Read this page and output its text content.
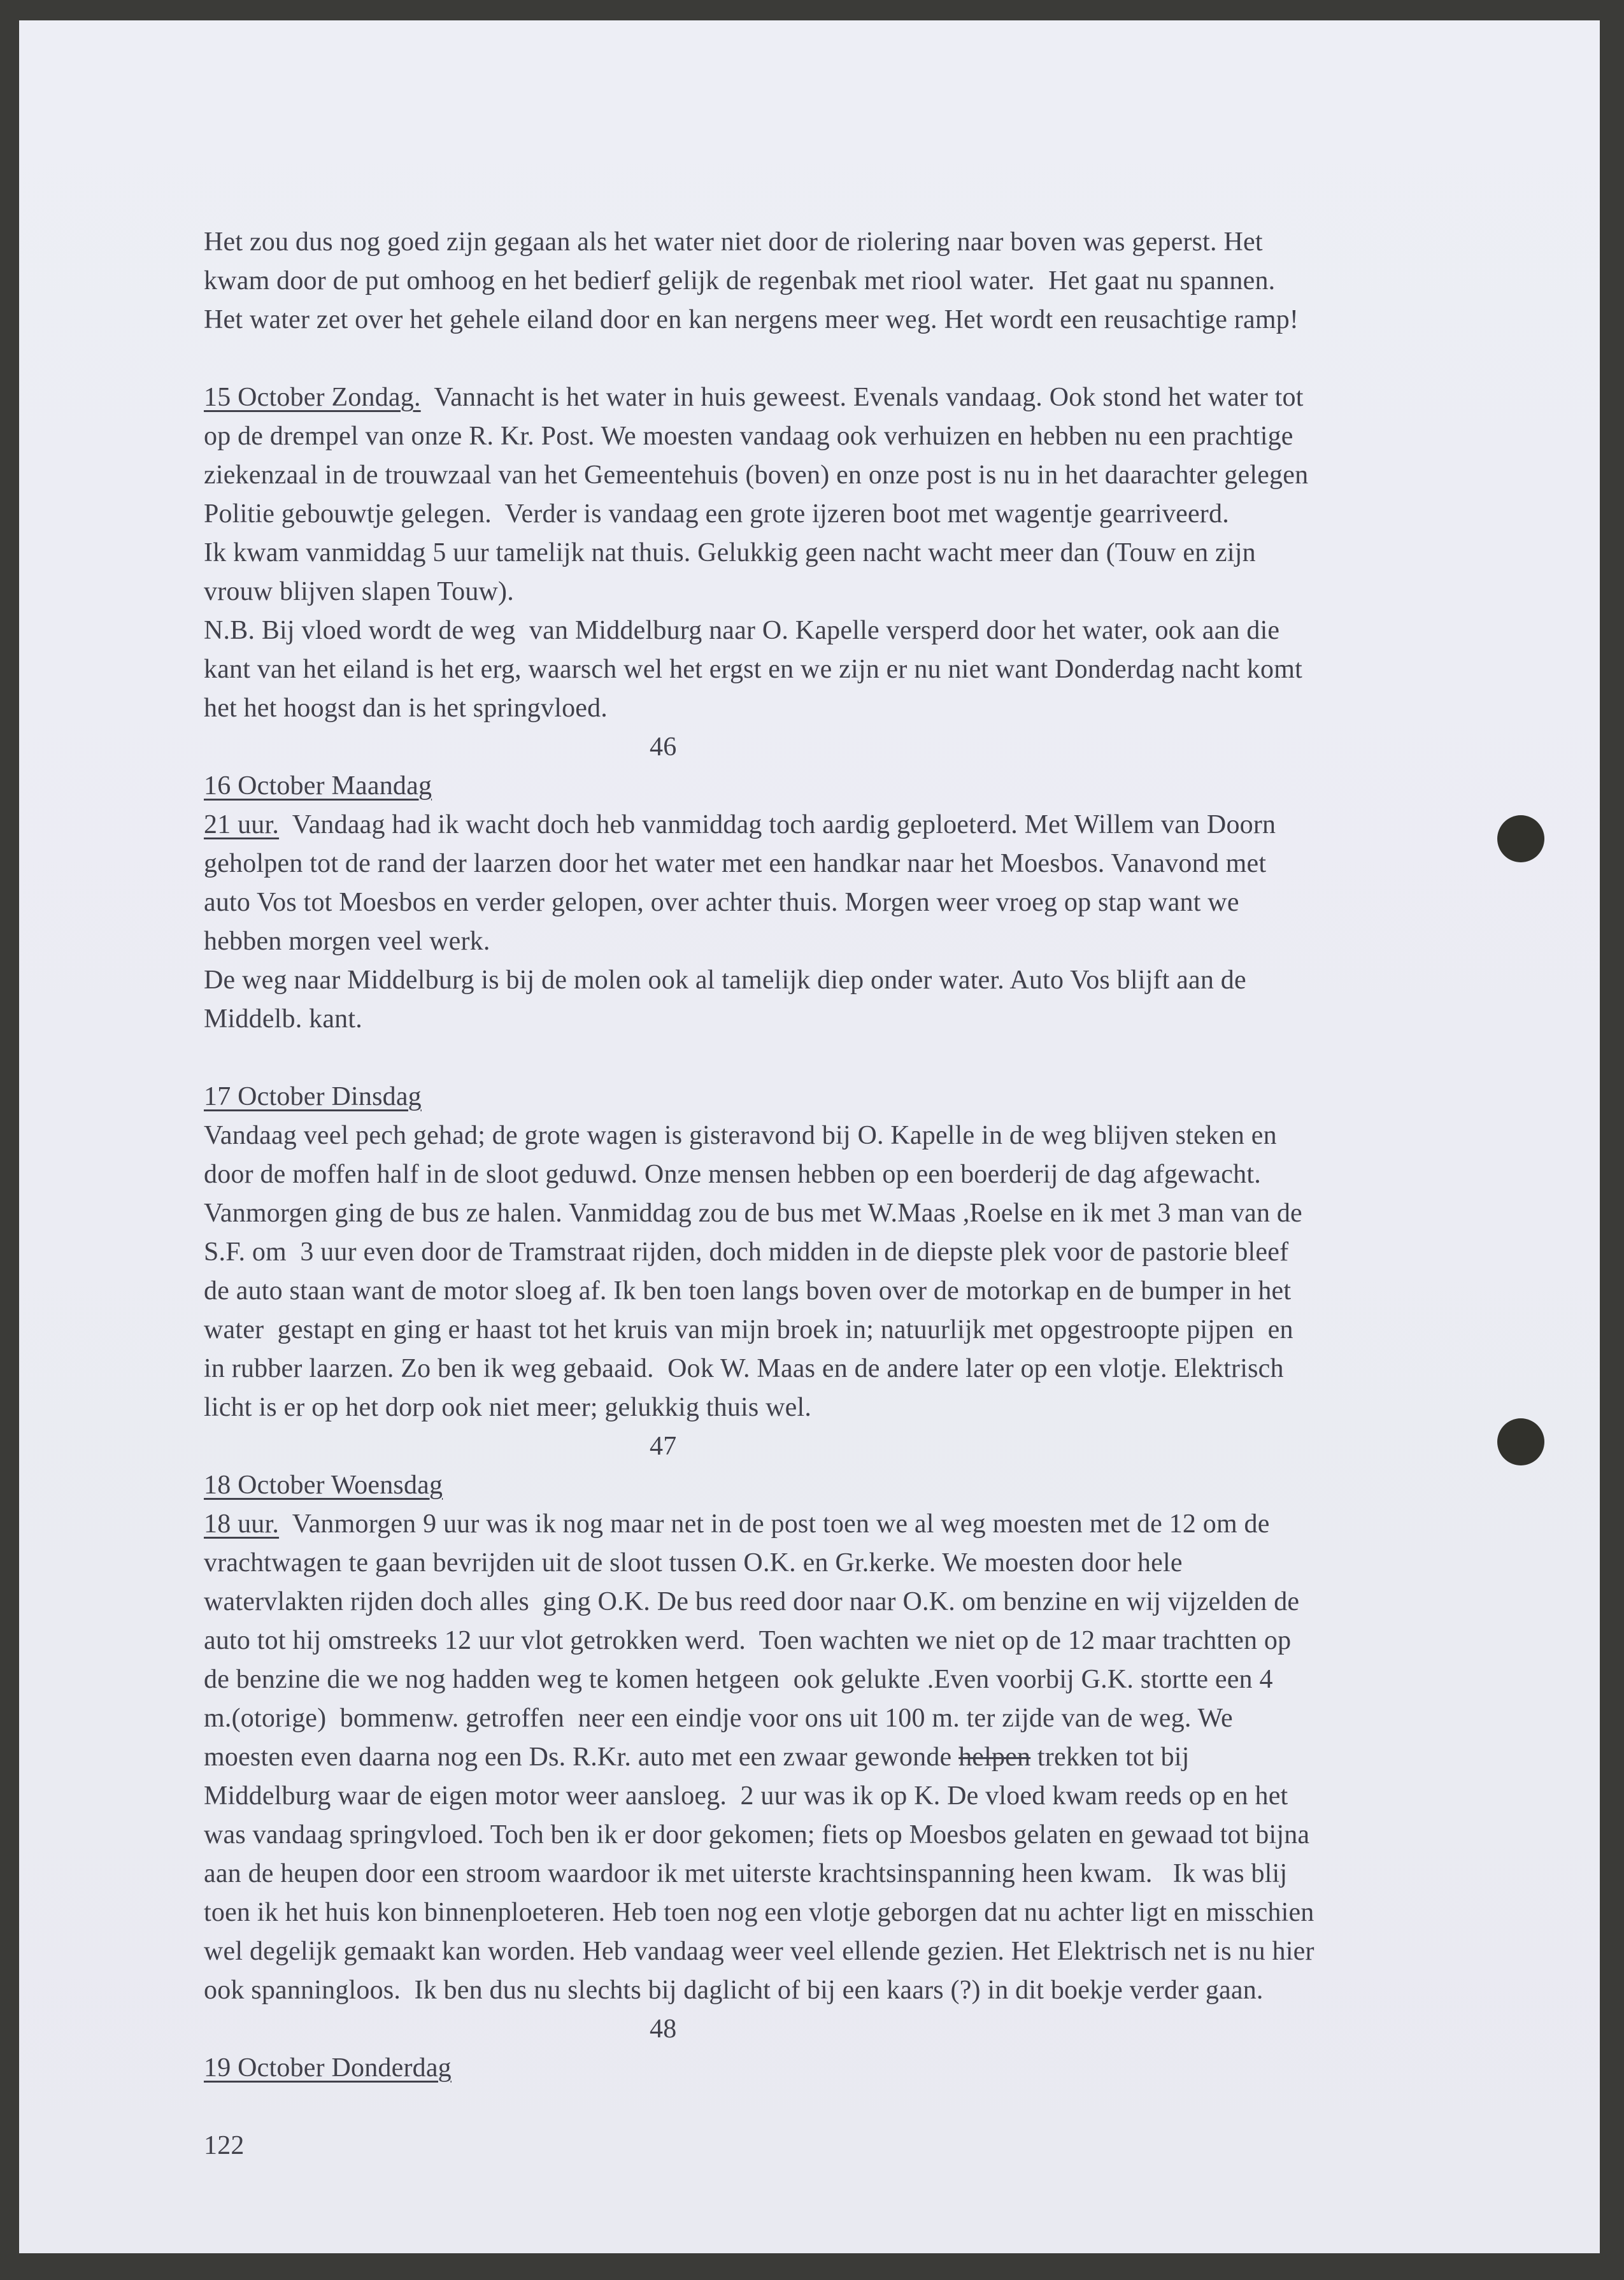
Het zou dus nog goed zijn gegaan als het water niet door de riolering naar boven was geperst. Het
kwam door de put omhoog en het bedierf gelijk de regenbak met riool water.  Het gaat nu spannen.
Het water zet over het gehele eiland door en kan nergens meer weg. Het wordt een reusachtige ramp!
15 October Zondag.  Vannacht is het water in huis geweest. Evenals vandaag. Ook stond het water tot
op de drempel van onze R. Kr. Post. We moesten vandaag ook verhuizen en hebben nu een prachtige
ziekenzaal in de trouwzaal van het Gemeentehuis (boven) en onze post is nu in het daarachter gelegen
Politie gebouwtje gelegen.  Verder is vandaag een grote ijzeren boot met wagentje gearriveerd.
Ik kwam vanmiddag 5 uur tamelijk nat thuis. Gelukkig geen nacht wacht meer dan (Touw en zijn
vrouw blijven slapen Touw).
N.B. Bij vloed wordt de weg  van Middelburg naar O. Kapelle versperd door het water, ook aan die
kant van het eiland is het erg, waarsch wel het ergst en we zijn er nu niet want Donderdag nacht komt
het het hoogst dan is het springvloed.
46
16 October Maandag
21 uur.  Vandaag had ik wacht doch heb vanmiddag toch aardig geploeterd. Met Willem van Doorn
geholpen tot de rand der laarzen door het water met een handkar naar het Moesbos. Vanavond met
auto Vos tot Moesbos en verder gelopen, over achter thuis. Morgen weer vroeg op stap want we
hebben morgen veel werk.
De weg naar Middelburg is bij de molen ook al tamelijk diep onder water. Auto Vos blijft aan de
Middelb. kant.
17 October Dinsdag
Vandaag veel pech gehad; de grote wagen is gisteravond bij O. Kapelle in de weg blijven steken en
door de moffen half in de sloot geduwd. Onze mensen hebben op een boerderij de dag afgewacht.
Vanmorgen ging de bus ze halen. Vanmiddag zou de bus met W.Maas ,Roelse en ik met 3 man van de
S.F. om  3 uur even door de Tramstraat rijden, doch midden in de diepste plek voor de pastorie bleef
de auto staan want de motor sloeg af. Ik ben toen langs boven over de motorkap en de bumper in het
water  gestapt en ging er haast tot het kruis van mijn broek in; natuurlijk met opgestroopte pijpen  en
in rubber laarzen. Zo ben ik weg gebaaid.  Ook W. Maas en de andere later op een vlotje. Elektrisch
licht is er op het dorp ook niet meer; gelukkig thuis wel.
47
18 October Woensdag
18 uur.  Vanmorgen 9 uur was ik nog maar net in de post toen we al weg moesten met de 12 om de
vrachtwagen te gaan bevrijden uit de sloot tussen O.K. en Gr.kerke. We moesten door hele
watervlakten rijden doch alles  ging O.K. De bus reed door naar O.K. om benzine en wij vijzelden de
auto tot hij omstreeks 12 uur vlot getrokken werd.  Toen wachten we niet op de 12 maar trachtten op
de benzine die we nog hadden weg te komen hetgeen  ook gelukte .Even voorbij G.K. stortte een 4
m.(otorige)  bommenw. getroffen  neer een eindje voor ons uit 100 m. ter zijde van de weg. We
moesten even daarna nog een Ds. R.Kr. auto met een zwaar gewonde helpen trekken tot bij
Middelburg waar de eigen motor weer aansloeg.  2 uur was ik op K. De vloed kwam reeds op en het
was vandaag springvloed. Toch ben ik er door gekomen; fiets op Moesbos gelaten en gewaad tot bijna
aan de heupen door een stroom waardoor ik met uiterste krachtsinspanning heen kwam.   Ik was blij
toen ik het huis kon binnenploeteren. Heb toen nog een vlotje geborgen dat nu achter ligt en misschien
wel degelijk gemaakt kan worden. Heb vandaag weer veel ellende gezien. Het Elektrisch net is nu hier
ook spanningloos.  Ik ben dus nu slechts bij daglicht of bij een kaars (?) in dit boekje verder gaan.
48
19 October Donderdag
122
